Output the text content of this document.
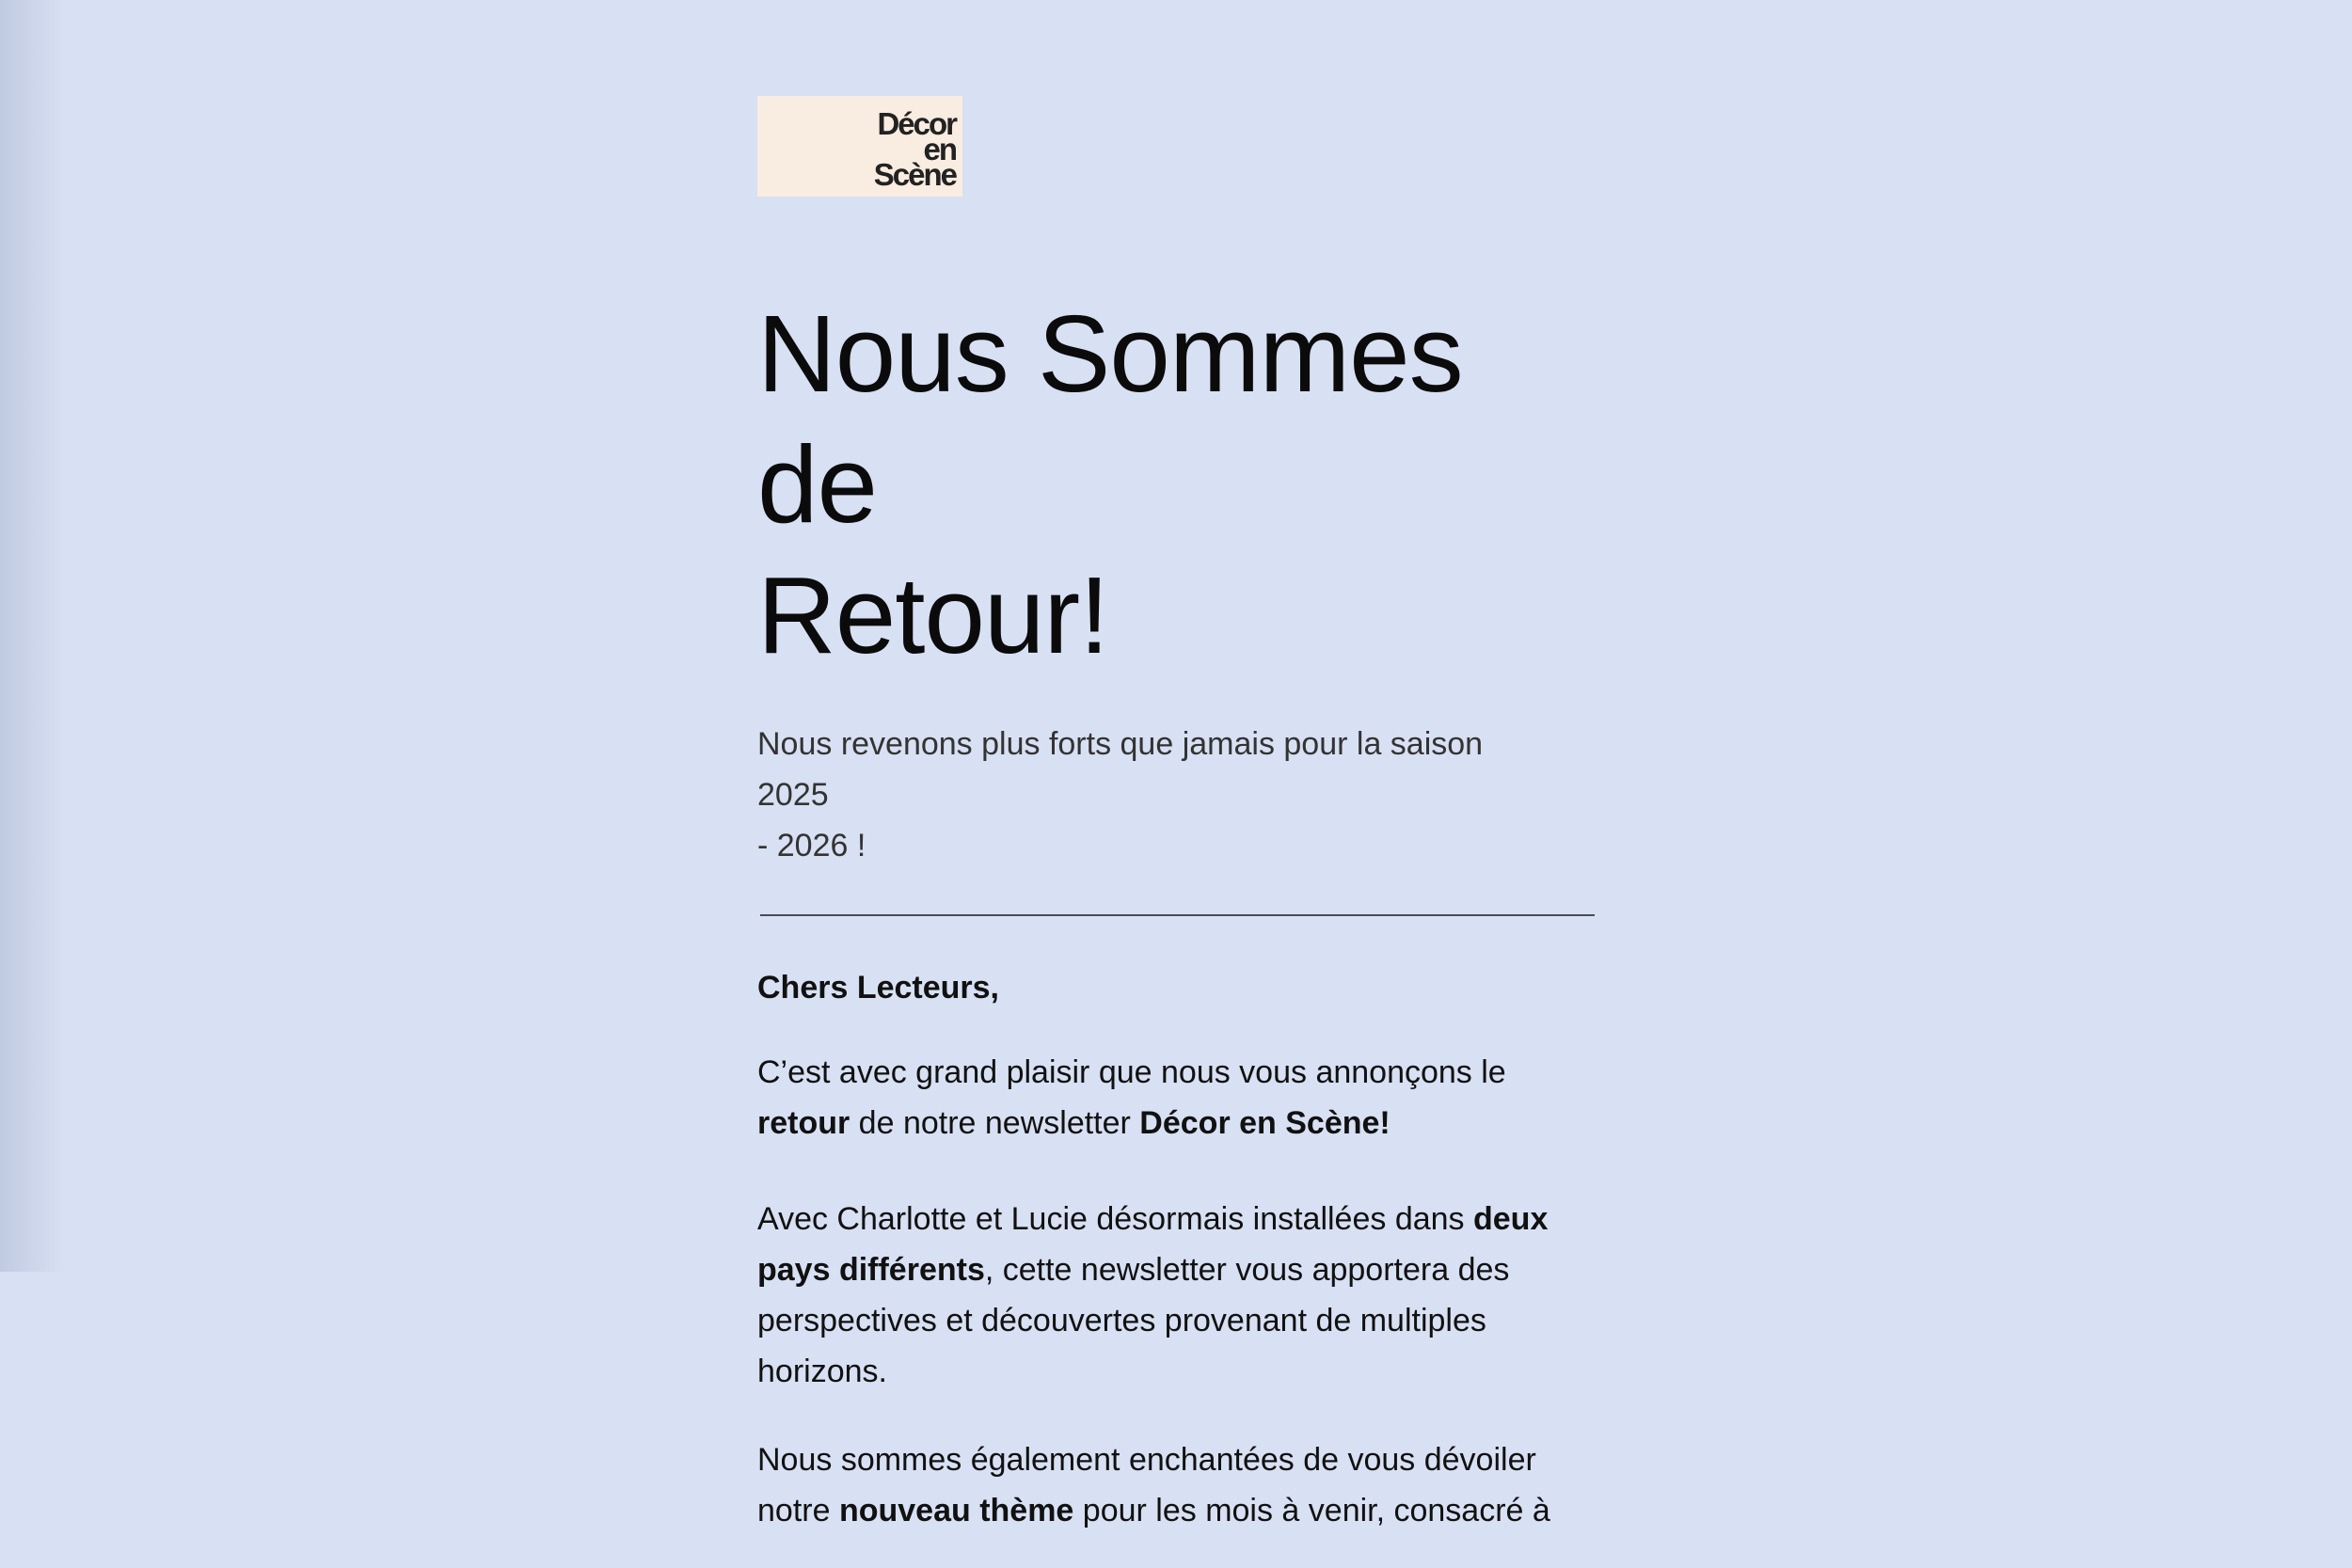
Décor
en
Scène
Nous Sommes de
Retour!
Nous revenons plus forts que jamais pour la saison 2025
- 2026 !
Chers Lecteurs,

C’est avec grand plaisir que nous vous annonçons le retour de notre newsletter Décor en Scène!

Avec Charlotte et Lucie désormais installées dans deux pays différents, cette newsletter vous apportera des perspectives et découvertes provenant de multiples horizons.

Nous sommes également enchantées de vous dévoiler notre nouveau thème pour les mois à venir, consacré à
